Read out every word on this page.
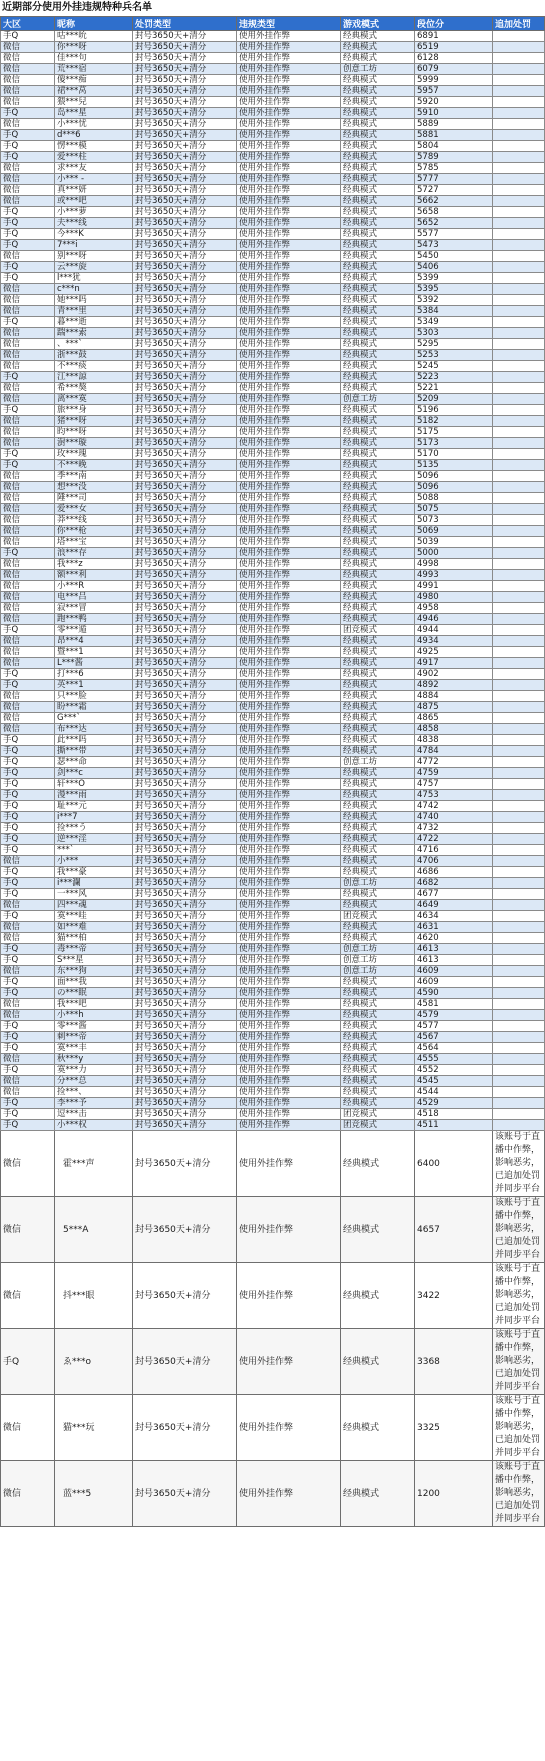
近期部分使用外挂违规特种兵名单
大区	昵称	处罚类型	违规类型	游戏模式	段位分	追加处罚
手Q	咕***吮	封号3650天+清分	使用外挂作弊	经典模式	6891	
微信	你***呀	封号3650天+清分	使用外挂作弊	经典模式	6519	
微信	佳***句	封号3650天+清分	使用外挂作弊	经典模式	6128	
微信	荒***宿	封号3650天+清分	使用外挂作弊	创意工坊	6079	
微信	傻***痴	封号3650天+清分	使用外挂作弊	经典模式	5999	
微信	裙***莴	封号3650天+清分	使用外挂作弊	经典模式	5957	
微信	猥***兒	封号3650天+清分	使用外挂作弊	经典模式	5920	
手Q	岛***星	封号3650天+清分	使用外挂作弊	经典模式	5910	
微信	小***忧	封号3650天+清分	使用外挂作弊	经典模式	5889	
手Q	d***6	封号3650天+清分	使用外挂作弊	经典模式	5881	
手Q	愣***模	封号3650天+清分	使用外挂作弊	经典模式	5804	
手Q	爱***柱	封号3650天+清分	使用外挂作弊	经典模式	5789	
微信	求***友	封号3650天+清分	使用外挂作弊	经典模式	5785	
微信	小*** -	封号3650天+清分	使用外挂作弊	经典模式	5777	
微信	真***妍	封号3650天+清分	使用外挂作弊	经典模式	5727	
微信	或***吧	封号3650天+清分	使用外挂作弊	经典模式	5662	
手Q	小***萝	封号3650天+清分	使用外挂作弊	经典模式	5658	
手Q	夫***线	封号3650天+清分	使用外挂作弊	经典模式	5652	
手Q	今***K	封号3650天+清分	使用外挂作弊	经典模式	5577	
手Q	7***i	封号3650天+清分	使用外挂作弊	经典模式	5473	
微信	别***呀	封号3650天+清分	使用外挂作弊	经典模式	5450	
手Q	云***旋	封号3650天+清分	使用外挂作弊	经典模式	5406	
手Q	l***犹	封号3650天+清分	使用外挂作弊	经典模式	5399	
微信	c***n	封号3650天+清分	使用外挂作弊	经典模式	5395	
微信	她***吗	封号3650天+清分	使用外挂作弊	经典模式	5392	
微信	青***里	封号3650天+清分	使用外挂作弊	经典模式	5384	
手Q	暮***逝	封号3650天+清分	使用外挂作弊	经典模式	5349	
微信	踹***索	封号3650天+清分	使用外挂作弊	经典模式	5303	
微信	、***`	封号3650天+清分	使用外挂作弊	经典模式	5295	
微信	浙***鼓	封号3650天+清分	使用外挂作弊	经典模式	5253	
微信	不***痰	封号3650天+清分	使用外挂作弊	经典模式	5245	
手Q	江***諒	封号3650天+清分	使用外挂作弊	经典模式	5223	
微信	希***獒	封号3650天+清分	使用外挂作弊	经典模式	5221	
微信	离***寞	封号3650天+清分	使用外挂作弊	创意工坊	5209	
手Q	旅***身	封号3650天+清分	使用外挂作弊	经典模式	5196	
微信	猪***呀	封号3650天+清分	使用外挂作弊	经典模式	5182	
微信	昀***呀	封号3650天+清分	使用外挂作弊	经典模式	5175	
微信	澍***璇	封号3650天+清分	使用外挂作弊	经典模式	5173	
手Q	玫***瑰	封号3650天+清分	使用外挂作弊	经典模式	5170	
手Q	不***晚	封号3650天+清分	使用外挂作弊	经典模式	5135	
微信	季***南	封号3650天+清分	使用外挂作弊	经典模式	5096	
微信	想***没	封号3650天+清分	使用外挂作弊	经典模式	5096	
微信	陲***司	封号3650天+清分	使用外挂作弊	经典模式	5088	
微信	爱***女	封号3650天+清分	使用外挂作弊	经典模式	5075	
微信	莽***线	封号3650天+清分	使用外挂作弊	经典模式	5073	
微信	你***枪	封号3650天+清分	使用外挂作弊	经典模式	5069	
微信	塔***宝	封号3650天+清分	使用外挂作弊	经典模式	5039	
手Q	浪***存	封号3650天+清分	使用外挂作弊	经典模式	5000	
微信	我***z	封号3650天+清分	使用外挂作弊	经典模式	4998	
微信	额***利	封号3650天+清分	使用外挂作弊	经典模式	4993	
微信	小***R	封号3650天+清分	使用外挂作弊	经典模式	4991	
微信	电***吕	封号3650天+清分	使用外挂作弊	经典模式	4980	
微信	寂***冒	封号3650天+清分	使用外挂作弊	经典模式	4958	
微信	跑***鸭	封号3650天+清分	使用外挂作弊	经典模式	4946	
手Q	零***遁	封号3650天+清分	使用外挂作弊	团竞模式	4944	
微信	昂***4	封号3650天+清分	使用外挂作弊	经典模式	4934	
微信	暨***1	封号3650天+清分	使用外挂作弊	经典模式	4925	
微信	L***酱	封号3650天+清分	使用外挂作弊	经典模式	4917	
手Q	打***6	封号3650天+清分	使用外挂作弊	经典模式	4902	
手Q	英***1	封号3650天+清分	使用外挂作弊	经典模式	4892	
微信	只***脸	封号3650天+清分	使用外挂作弊	经典模式	4884	
微信	盼***霜	封号3650天+清分	使用外挂作弊	经典模式	4875	
微信	G***`	封号3650天+清分	使用外挂作弊	经典模式	4865	
微信	布***达	封号3650天+清分	使用外挂作弊	经典模式	4858	
手Q	此***吗	封号3650天+清分	使用外挂作弊	经典模式	4838	
手Q	撕***带	封号3650天+清分	使用外挂作弊	经典模式	4784	
手Q	瑟***命	封号3650天+清分	使用外挂作弊	创意工坊	4772	
手Q	剑***c	封号3650天+清分	使用外挂作弊	经典模式	4759	
手Q	轩***O	封号3650天+清分	使用外挂作弊	经典模式	4757	
手Q	漫***雨	封号3650天+清分	使用外挂作弊	经典模式	4753	
手Q	耻***元	封号3650天+清分	使用外挂作弊	经典模式	4742	
手Q	i***7	封号3650天+清分	使用外挂作弊	经典模式	4740	
手Q	捡***う	封号3650天+清分	使用外挂作弊	经典模式	4732	
手Q	逆***淫	封号3650天+清分	使用外挂作弊	经典模式	4722	
手Q	***`	封号3650天+清分	使用外挂作弊	经典模式	4716	
微信	小***	封号3650天+清分	使用外挂作弊	经典模式	4706	
手Q	我***豪	封号3650天+清分	使用外挂作弊	经典模式	4686	
手Q	i***瀾	封号3650天+清分	使用外挂作弊	创意工坊	4682	
手Q	一***风	封号3650天+清分	使用外挂作弊	经典模式	4677	
微信	四***魂	封号3650天+清分	使用外挂作弊	经典模式	4649	
手Q	寞***哇	封号3650天+清分	使用外挂作弊	团竞模式	4634	
微信	如***难	封号3650天+清分	使用外挂作弊	经典模式	4631	
微信	猫***柏	封号3650天+清分	使用外挂作弊	经典模式	4620	
手Q	毒***帝	封号3650天+清分	使用外挂作弊	创意工坊	4613	
手Q	S***星	封号3650天+清分	使用外挂作弊	创意工坊	4613	
微信	东***狗	封号3650天+清分	使用外挂作弊	创意工坊	4609	
手Q	面***我	封号3650天+清分	使用外挂作弊	经典模式	4609	
手Q	の***眠	封号3650天+清分	使用外挂作弊	经典模式	4590	
微信	我***吧	封号3650天+清分	使用外挂作弊	经典模式	4581	
微信	小***h	封号3650天+清分	使用外挂作弊	经典模式	4579	
手Q	零***酱	封号3650天+清分	使用外挂作弊	经典模式	4577	
手Q	刺***帝	封号3650天+清分	使用外挂作弊	经典模式	4567	
手Q	寞***丰	封号3650天+清分	使用外挂作弊	经典模式	4564	
微信	秋***y	封号3650天+清分	使用外挂作弊	经典模式	4555	
手Q	寞***力	封号3650天+清分	使用外挂作弊	经典模式	4552	
微信	分***总	封号3650天+清分	使用外挂作弊	经典模式	4545	
微信	捡***、	封号3650天+清分	使用外挂作弊	经典模式	4544	
手Q	李***予	封号3650天+清分	使用外挂作弊	经典模式	4529	
手Q	逗***击	封号3650天+清分	使用外挂作弊	团竞模式	4518	
手Q	小***权	封号3650天+清分	使用外挂作弊	团竞模式	4511	
微信	霍***声	封号3650天+清分	使用外挂作弊	经典模式	6400	该账号于直播中作弊，影响恶劣，已追加处罚并同步平台
微信	5***A	封号3650天+清分	使用外挂作弊	经典模式	4657	该账号于直播中作弊，影响恶劣，已追加处罚并同步平台
微信	抖***眼	封号3650天+清分	使用外挂作弊	经典模式	3422	该账号于直播中作弊，影响恶劣，已追加处罚并同步平台
手Q	ゑ***o	封号3650天+清分	使用外挂作弊	经典模式	3368	该账号于直播中作弊，影响恶劣，已追加处罚并同步平台
微信	猫***玩	封号3650天+清分	使用外挂作弊	经典模式	3325	该账号于直播中作弊，影响恶劣，已追加处罚并同步平台
微信	蓝***5	封号3650天+清分	使用外挂作弊	经典模式	1200	该账号于直播中作弊，影响恶劣，已追加处罚并同步平台
